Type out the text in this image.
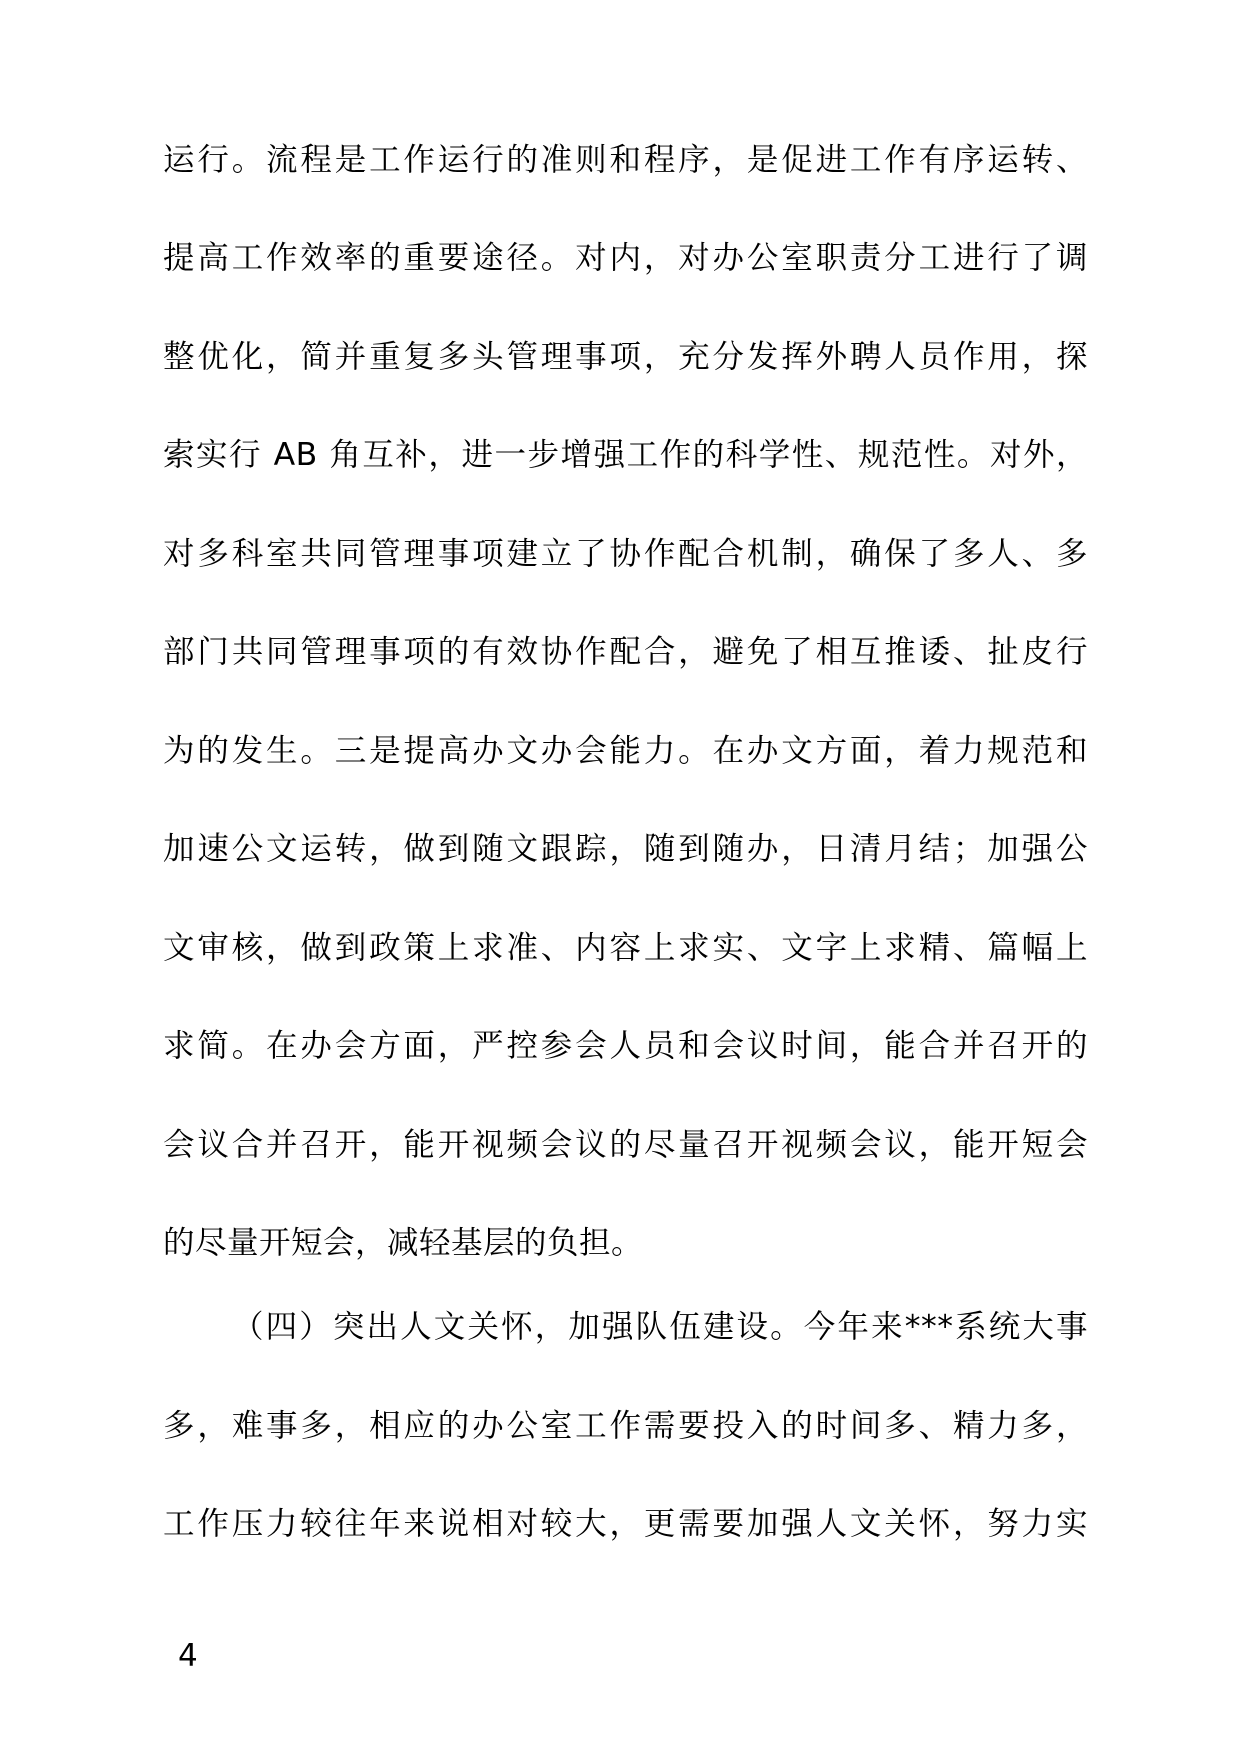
运行。流程是工作运行的准则和程序，是促进工作有序运转、
提高工作效率的重要途径。对内，对办公室职责分工进行了调
整优化，简并重复多头管理事项，充分发挥外聘人员作用，探
索实行 AB 角互补，进一步增强工作的科学性、规范性。对外，
对多科室共同管理事项建立了协作配合机制，确保了多人、多
部门共同管理事项的有效协作配合，避免了相互推诿、扯皮行
为的发生。三是提高办文办会能力。在办文方面，着力规范和
加速公文运转，做到随文跟踪，随到随办，日清月结；加强公
文审核，做到政策上求准、内容上求实、文字上求精、篇幅上
求简。在办会方面，严控参会人员和会议时间，能合并召开的
会议合并召开，能开视频会议的尽量召开视频会议，能开短会
的尽量开短会，减轻基层的负担。
（四）突出人文关怀，加强队伍建设。今年来***系统大事
多，难事多，相应的办公室工作需要投入的时间多、精力多，
工作压力较往年来说相对较大，更需要加强人文关怀，努力实
4
